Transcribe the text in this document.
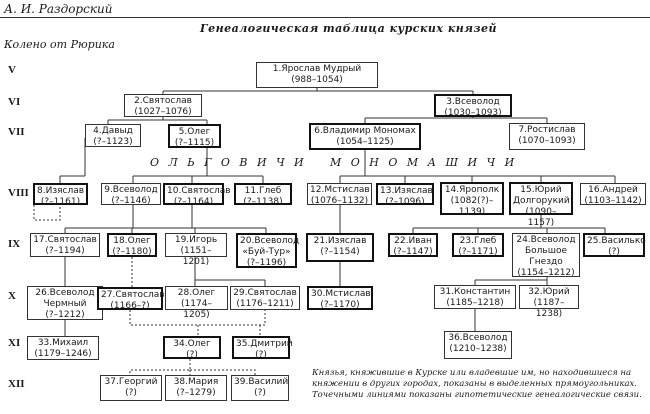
А. И. Раздорский
Генеалогическая таблица курских князей
Колено от Рюрика
V
VI
VII
VIII
IX
X
XI
XII
1.Ярослав Мудрый
(988–1054)
2.Святослав
(1027–1076)
3.Всеволод
(1030–1093)
4.Давыд
(?–1123)
5.Олег
(?–1115)
6.Владимир Мономах
(1054–1125)
7.Ростислав
(1070–1093)
О Л Ь Г О В И Ч И М О Н О М А Ш И Ч И
8.Изяслав
(?–1161)
9.Всеволод
(?–1146)
10.Святослав
(?–1164)
11.Глеб
(?–1138)
12.Мстислав
(1076–1132)
13.Изяслав
(?–1096)
14.Ярополк
(1082(?)–
1139)
15.Юрий
Долгорукий
(1090–1157)
16.Андрей
(1103–1142)
17.Святослав
(?–1194)
18.Олег
(?–1180)
19.Игорь
(1151–1201)
20.Всеволод
«Буй-Тур»
(?–1196)
21.Изяслав
(?–1154)
22.Иван
(?–1147)
23.Глеб
(?–1171)
24.Всеволод
Большое
Гнездо
(1154–1212)
25.Василько
(?)
26.Всеволод
Чермный
(?–1212)
27.Святослав
(1166–?)
28.Олег
(1174–1205)
29.Святослав
(1176–1211)
30.Мстислав
(?–1170)
31.Константин
(1185–1218)
32.Юрий
(1187–1238)
33.Михаил
(1179–1246)
34.Олег
(?)
35.Дмитрий
(?)
36.Всеволод
(1210–1238)
37.Георгий
(?)
38.Мария
(?–1279)
39.Василий
(?)
Князья, княжившие в Курске или владевшие им, но находившиеся на княжении в других городах, показаны в выделенных прямоугольниках. Точечными линиями показаны гипотетические генеалогические связи.
